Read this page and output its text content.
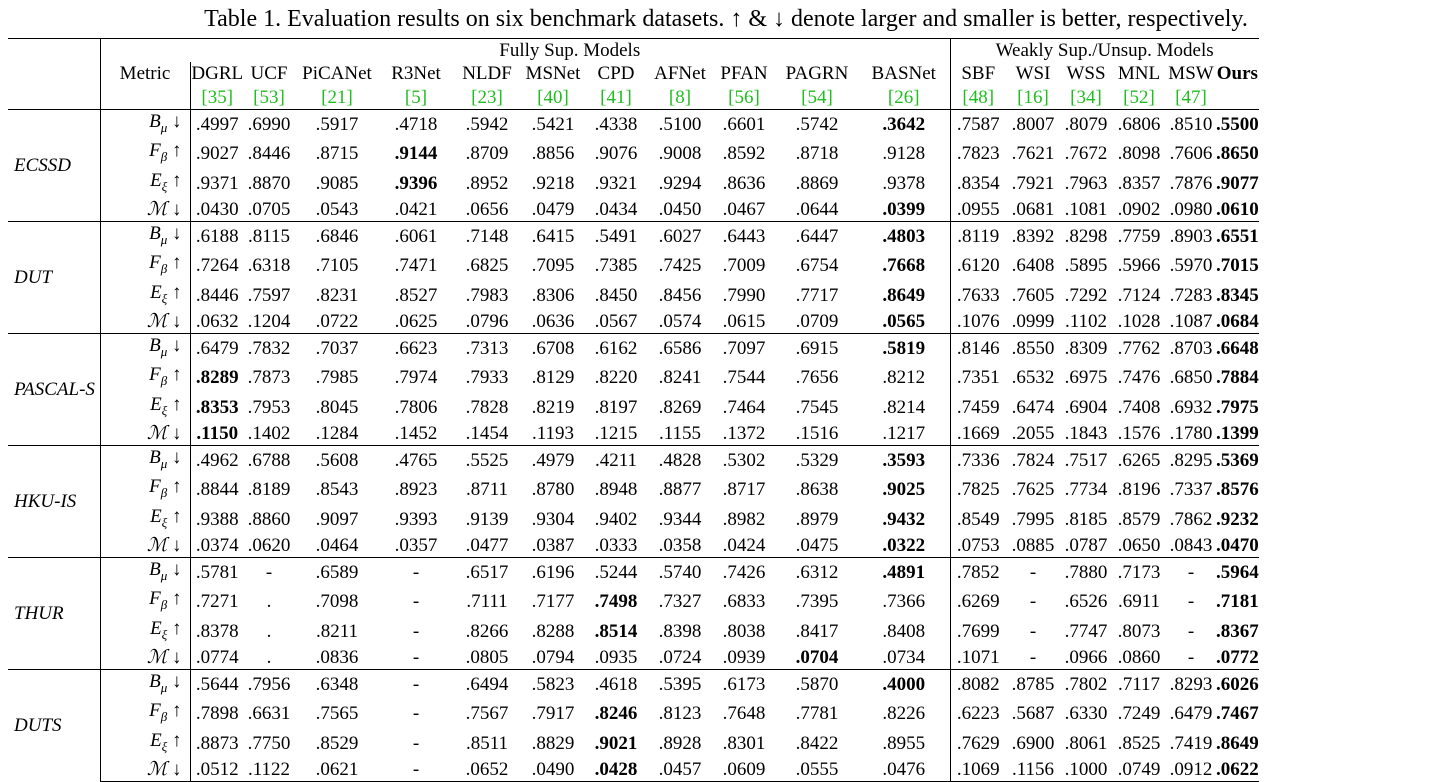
Table 1. Evaluation results on six benchmark datasets. ↑ & ↓ denote larger and smaller is better, respectively.
		Fully Sup. Models											Weakly Sup./Unsup. Models					
	Metric	DGRL	UCF	PiCANet	R3Net	NLDF	MSNet	CPD	AFNet	PFAN	PAGRN	BASNet	SBF	WSI	WSS	MNL	MSW	Ours
		[35]	[53]	[21]	[5]	[23]	[40]	[41]	[8]	[56]	[54]	[26]	[48]	[16]	[34]	[52]	[47]	
ECSSD	$B_\mu$ ↓	.4997	.6990	.5917	.4718	.5942	.5421	.4338	.5100	.6601	.5742	.3642	.7587	.8007	.8079	.6806	.8510	.5500
	$F_\beta$ ↑	.9027	.8446	.8715	.9144	.8709	.8856	.9076	.9008	.8592	.8718	.9128	.7823	.7621	.7672	.8098	.7606	.8650
	$E_\xi$ ↑	.9371	.8870	.9085	.9396	.8952	.9218	.9321	.9294	.8636	.8869	.9378	.8354	.7921	.7963	.8357	.7876	.9077
	ℳ ↓	.0430	.0705	.0543	.0421	.0656	.0479	.0434	.0450	.0467	.0644	.0399	.0955	.0681	.1081	.0902	.0980	.0610
DUT	$B_\mu$ ↓	.6188	.8115	.6846	.6061	.7148	.6415	.5491	.6027	.6443	.6447	.4803	.8119	.8392	.8298	.7759	.8903	.6551
	$F_\beta$ ↑	.7264	.6318	.7105	.7471	.6825	.7095	.7385	.7425	.7009	.6754	.7668	.6120	.6408	.5895	.5966	.5970	.7015
	$E_\xi$ ↑	.8446	.7597	.8231	.8527	.7983	.8306	.8450	.8456	.7990	.7717	.8649	.7633	.7605	.7292	.7124	.7283	.8345
	ℳ ↓	.0632	.1204	.0722	.0625	.0796	.0636	.0567	.0574	.0615	.0709	.0565	.1076	.0999	.1102	.1028	.1087	.0684
PASCAL-S	$B_\mu$ ↓	.6479	.7832	.7037	.6623	.7313	.6708	.6162	.6586	.7097	.6915	.5819	.8146	.8550	.8309	.7762	.8703	.6648
	$F_\beta$ ↑	.8289	.7873	.7985	.7974	.7933	.8129	.8220	.8241	.7544	.7656	.8212	.7351	.6532	.6975	.7476	.6850	.7884
	$E_\xi$ ↑	.8353	.7953	.8045	.7806	.7828	.8219	.8197	.8269	.7464	.7545	.8214	.7459	.6474	.6904	.7408	.6932	.7975
	ℳ ↓	.1150	.1402	.1284	.1452	.1454	.1193	.1215	.1155	.1372	.1516	.1217	.1669	.2055	.1843	.1576	.1780	.1399
HKU-IS	$B_\mu$ ↓	.4962	.6788	.5608	.4765	.5525	.4979	.4211	.4828	.5302	.5329	.3593	.7336	.7824	.7517	.6265	.8295	.5369
	$F_\beta$ ↑	.8844	.8189	.8543	.8923	.8711	.8780	.8948	.8877	.8717	.8638	.9025	.7825	.7625	.7734	.8196	.7337	.8576
	$E_\xi$ ↑	.9388	.8860	.9097	.9393	.9139	.9304	.9402	.9344	.8982	.8979	.9432	.8549	.7995	.8185	.8579	.7862	.9232
	ℳ ↓	.0374	.0620	.0464	.0357	.0477	.0387	.0333	.0358	.0424	.0475	.0322	.0753	.0885	.0787	.0650	.0843	.0470
THUR	$B_\mu$ ↓	.5781	-	.6589	-	.6517	.6196	.5244	.5740	.7426	.6312	.4891	.7852	-	.7880	.7173	-	.5964
	$F_\beta$ ↑	.7271	.	.7098	-	.7111	.7177	.7498	.7327	.6833	.7395	.7366	.6269	-	.6526	.6911	-	.7181
	$E_\xi$ ↑	.8378	.	.8211	-	.8266	.8288	.8514	.8398	.8038	.8417	.8408	.7699	-	.7747	.8073	-	.8367
	ℳ ↓	.0774	.	.0836	-	.0805	.0794	.0935	.0724	.0939	.0704	.0734	.1071	-	.0966	.0860	-	.0772
DUTS	$B_\mu$ ↓	.5644	.7956	.6348	-	.6494	.5823	.4618	.5395	.6173	.5870	.4000	.8082	.8785	.7802	.7117	.8293	.6026
	$F_\beta$ ↑	.7898	.6631	.7565	-	.7567	.7917	.8246	.8123	.7648	.7781	.8226	.6223	.5687	.6330	.7249	.6479	.7467
	$E_\xi$ ↑	.8873	.7750	.8529	-	.8511	.8829	.9021	.8928	.8301	.8422	.8955	.7629	.6900	.8061	.8525	.7419	.8649
	ℳ ↓	.0512	.1122	.0621	-	.0652	.0490	.0428	.0457	.0609	.0555	.0476	.1069	.1156	.1000	.0749	.0912	.0622
